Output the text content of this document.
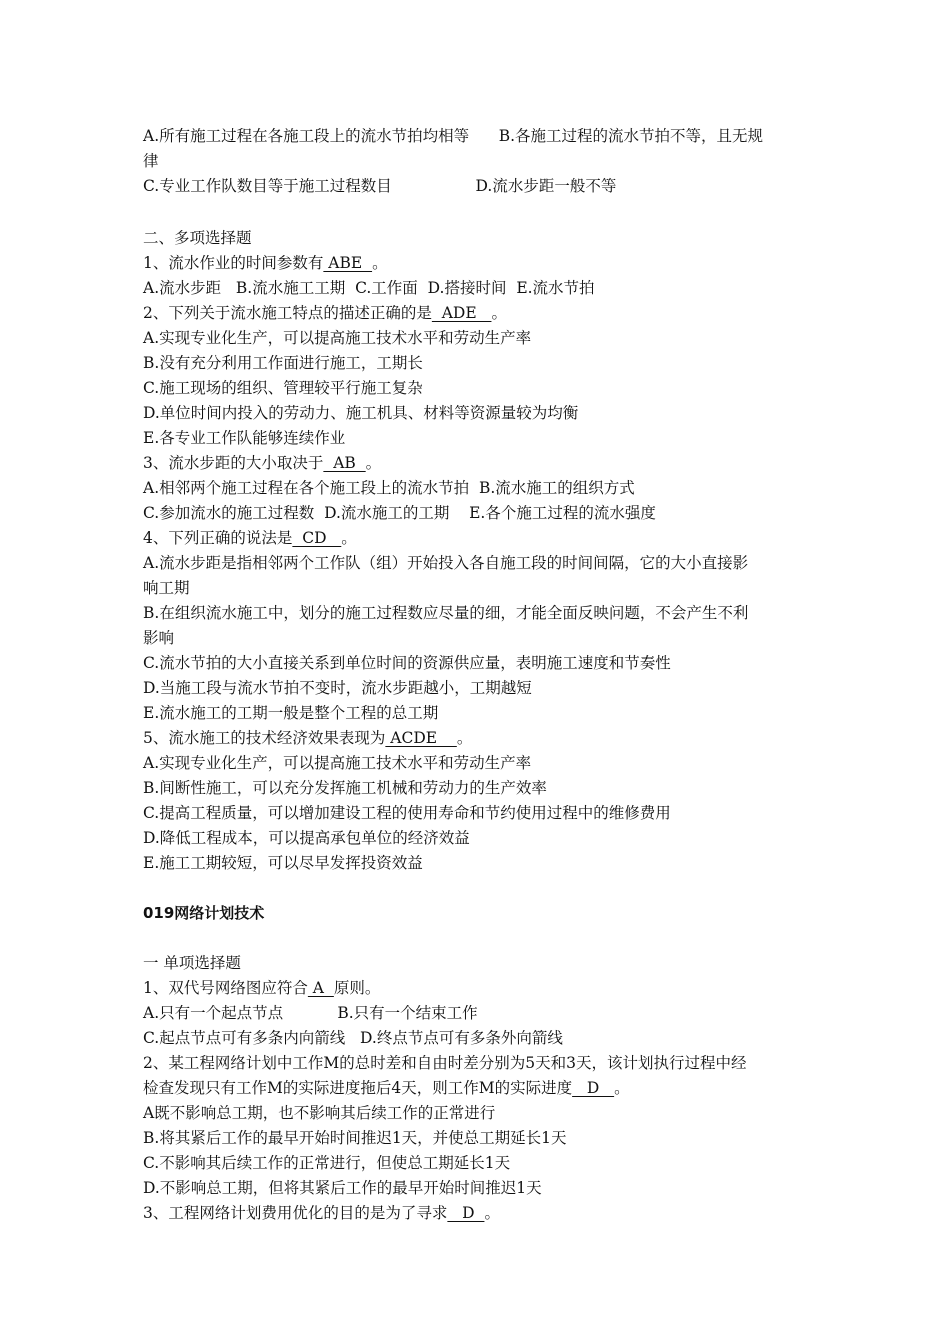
A.所有施工过程在各施工段上的流水节拍均相等 B.各施工过程的流水节拍不等，且无规
律
C.专业工作队数目等于施工过程数目	D.流水步距一般不等
二、多项选择题
1、流水作业的时间参数有 ABE  。
A.流水步距   B.流水施工工期  C.工作面  D.搭接时间  E.流水节拍
2、下列关于流水施工特点的描述正确的是  ADE   。
A.实现专业化生产，可以提高施工技术水平和劳动生产率
B.没有充分利用工作面进行施工，工期长
C.施工现场的组织、管理较平行施工复杂
D.单位时间内投入的劳动力、施工机具、材料等资源量较为均衡
E.各专业工作队能够连续作业
3、流水步距的大小取决于  AB  。
A.相邻两个施工过程在各个施工段上的流水节拍  B.流水施工的组织方式
C.参加流水的施工过程数  D.流水施工的工期    E.各个施工过程的流水强度
4、下列正确的说法是  CD   。
A.流水步距是指相邻两个工作队（组）开始投入各自施工段的时间间隔，它的大小直接影
响工期
B.在组织流水施工中，划分的施工过程数应尽量的细，才能全面反映问题，不会产生不利
影响
C.流水节拍的大小直接关系到单位时间的资源供应量，表明施工速度和节奏性
D.当施工段与流水节拍不变时，流水步距越小，工期越短
E.流水施工的工期一般是整个工程的总工期
5、流水施工的技术经济效果表现为 ACDE    。
A.实现专业化生产，可以提高施工技术水平和劳动生产率
B.间断性施工，可以充分发挥施工机械和劳动力的生产效率
C.提高工程质量，可以增加建设工程的使用寿命和节约使用过程中的维修费用
D.降低工程成本，可以提高承包单位的经济效益
E.施工工期较短，可以尽早发挥投资效益
019网络计划技术
一 单项选择题
1、双代号网络图应符合 A  原则。
A.只有一个起点节点           B.只有一个结束工作
C.起点节点可有多条内向箭线   D.终点节点可有多条外向箭线
2、某工程网络计划中工作M的总时差和自由时差分别为5天和3天，该计划执行过程中经
检查发现只有工作M的实际进度拖后4天，则工作M的实际进度   D   。
A既不影响总工期，也不影响其后续工作的正常进行
B.将其紧后工作的最早开始时间推迟1天，并使总工期延长1天
C.不影响其后续工作的正常进行，但使总工期延长1天
D.不影响总工期，但将其紧后工作的最早开始时间推迟1天
3、工程网络计划费用优化的目的是为了寻求   D  。
